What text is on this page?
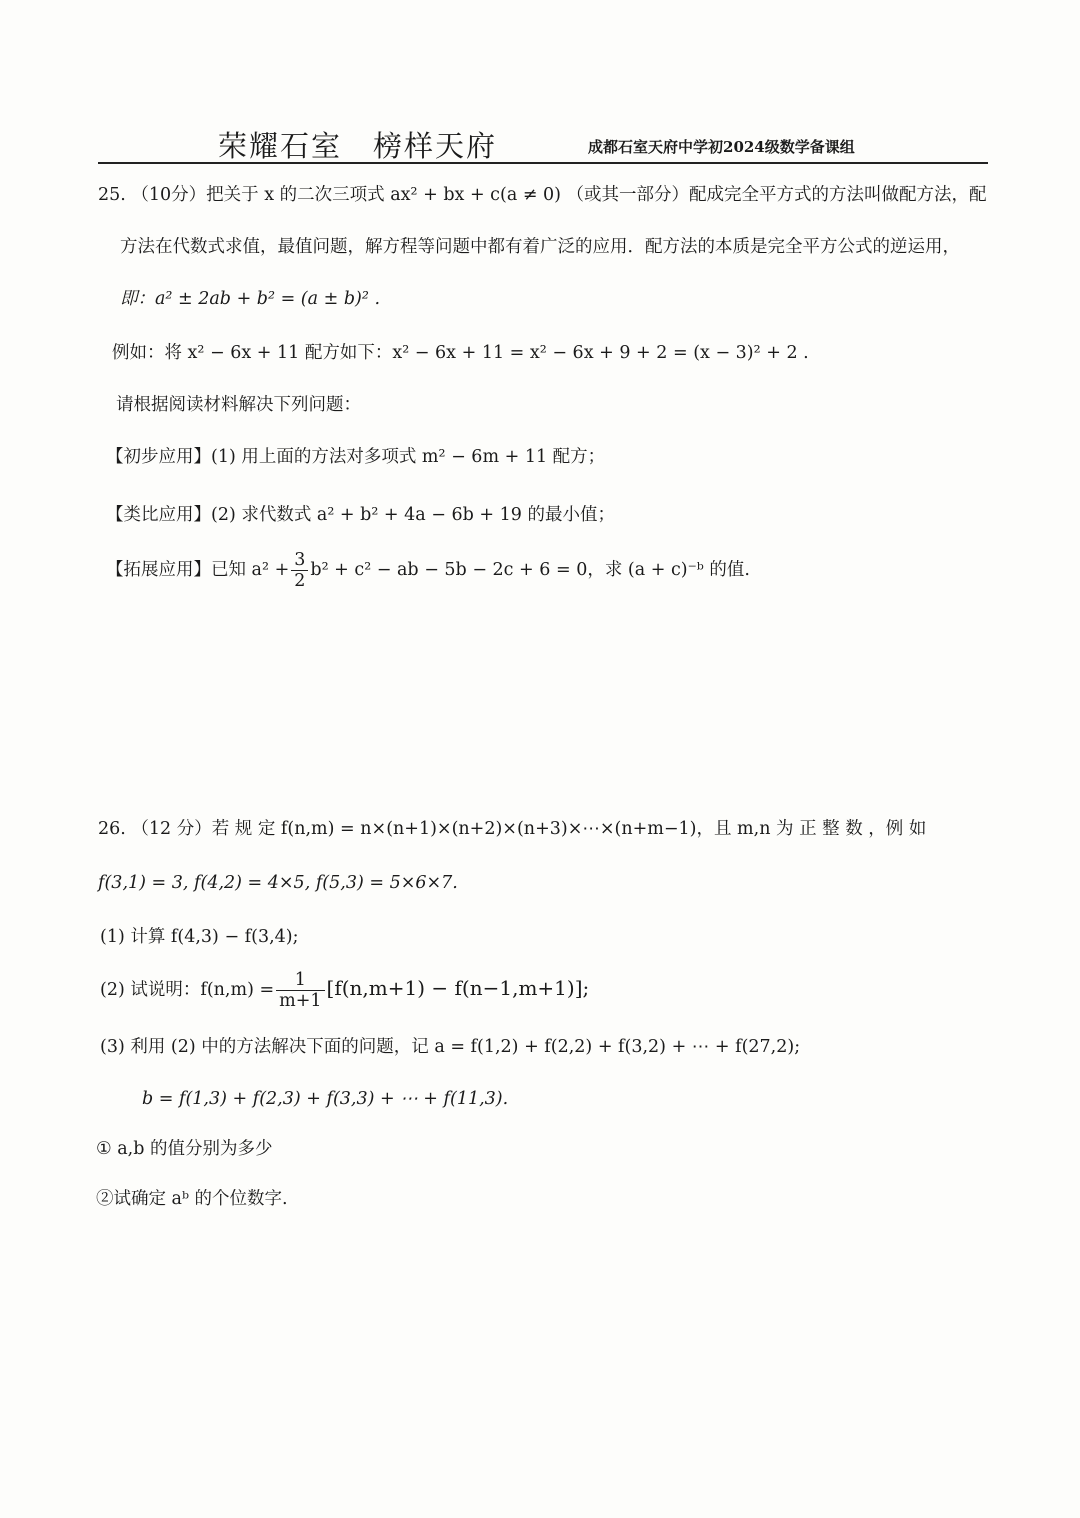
荣耀石室　榜样天府	成都石室天府中学初2024级数学备课组
25. （10分）把关于 x 的二次三项式 ax² + bx + c(a ≠ 0) （或其一部分）配成完全平方式的方法叫做配方法，配
方法在代数式求值，最值问题，解方程等问题中都有着广泛的应用．配方法的本质是完全平方公式的逆运用，
即：a² ± 2ab + b² = (a ± b)² .
例如：将 x² − 6x + 11 配方如下：x² − 6x + 11 = x² − 6x + 9 + 2 = (x − 3)² + 2 .
请根据阅读材料解决下列问题：
【初步应用】(1) 用上面的方法对多项式 m² − 6m + 11 配方；
【类比应用】(2) 求代数式 a² + b² + 4a − 6b + 19 的最小值；
【拓展应用】已知 $a^2 + \frac{3}{2} b^2 + c^2$ − ab − 5b − 2c + 6 = 0，求 (a + c)⁻ᵇ 的值.
26. （12 分）若 规 定 f(n,m) = n×(n+1)×(n+2)×(n+3)×⋯×(n+m−1)，且 m,n 为 正 整 数 ，例 如
f(3,1) = 3, f(4,2) = 4×5, f(5,3) = 5×6×7.
(1) 计算 f(4,3) − f(3,4);
(2) 试说明：$f(n,m) = \frac{1}{m+1} [f(n,m+1) - f(n-1,m+1)]$;
(3) 利用 (2) 中的方法解决下面的问题，记 a = f(1,2) + f(2,2) + f(3,2) + ⋯ + f(27,2);
b = f(1,3) + f(2,3) + f(3,3) + ⋯ + f(11,3).
① a,b 的值分别为多少
②试确定 aᵇ 的个位数字.
